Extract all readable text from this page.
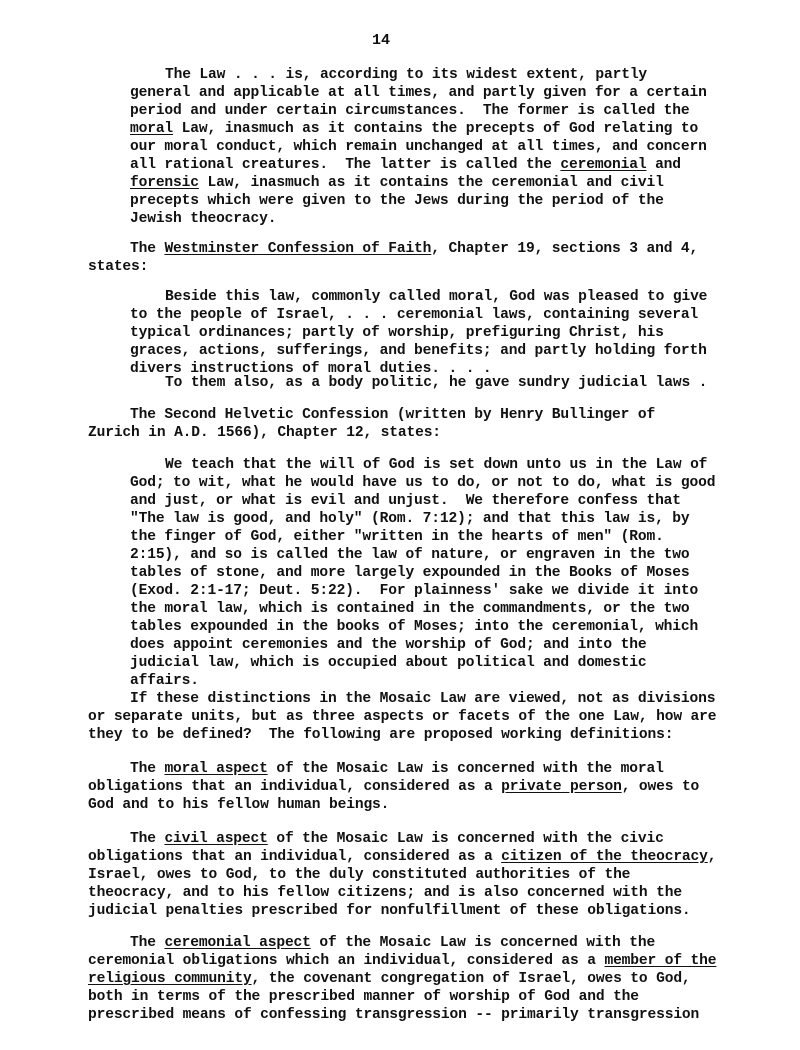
14
The Law . . . is, according to its widest extent, partly
general and applicable at all times, and partly given for a certain
period and under certain circumstances.  The former is called the
moral Law, inasmuch as it contains the precepts of God relating to
our moral conduct, which remain unchanged at all times, and concern
all rational creatures.  The latter is called the ceremonial and
forensic Law, inasmuch as it contains the ceremonial and civil
precepts which were given to the Jews during the period of the
Jewish theocracy.
The Westminster Confession of Faith, Chapter 19, sections 3 and 4,
states:
Beside this law, commonly called moral, God was pleased to give
to the people of Israel, . . . ceremonial laws, containing several
typical ordinances; partly of worship, prefiguring Christ, his
graces, actions, sufferings, and benefits; and partly holding forth
divers instructions of moral duties. . . .
To them also, as a body politic, he gave sundry judicial laws .
The Second Helvetic Confession (written by Henry Bullinger of
Zurich in A.D. 1566), Chapter 12, states:
We teach that the will of God is set down unto us in the Law of
God; to wit, what he would have us to do, or not to do, what is good
and just, or what is evil and unjust.  We therefore confess that
"The law is good, and holy" (Rom. 7:12); and that this law is, by
the finger of God, either "written in the hearts of men" (Rom.
2:15), and so is called the law of nature, or engraven in the two
tables of stone, and more largely expounded in the Books of Moses
(Exod. 2:1-17; Deut. 5:22).  For plainness' sake we divide it into
the moral law, which is contained in the commandments, or the two
tables expounded in the books of Moses; into the ceremonial, which
does appoint ceremonies and the worship of God; and into the
judicial law, which is occupied about political and domestic
affairs.
If these distinctions in the Mosaic Law are viewed, not as divisions
or separate units, but as three aspects or facets of the one Law, how are
they to be defined?  The following are proposed working definitions:
The moral aspect of the Mosaic Law is concerned with the moral
obligations that an individual, considered as a private person, owes to
God and to his fellow human beings.
The civil aspect of the Mosaic Law is concerned with the civic
obligations that an individual, considered as a citizen of the theocracy,
Israel, owes to God, to the duly constituted authorities of the
theocracy, and to his fellow citizens; and is also concerned with the
judicial penalties prescribed for nonfulfillment of these obligations.
The ceremonial aspect of the Mosaic Law is concerned with the
ceremonial obligations which an individual, considered as a member of the
religious community, the covenant congregation of Israel, owes to God,
both in terms of the prescribed manner of worship of God and the
prescribed means of confessing transgression -- primarily transgression
